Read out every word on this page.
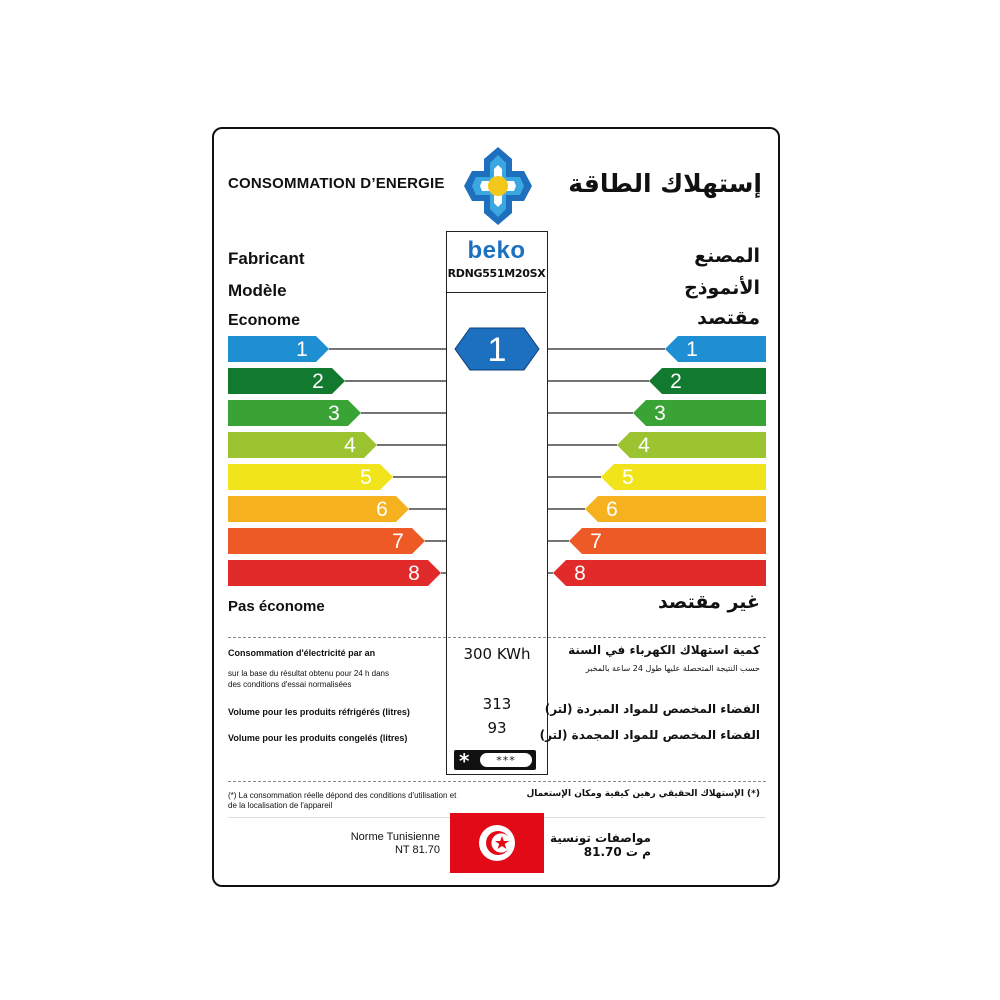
CONSOMMATION D’ENERGIE	إستهلاك الطاقة
Fabricant	المصنع
Modèle	الأنموذج
Econome	مقتصد
Pas économe	غير مقتصد
1	1
2	2
3	3
4	4
5	5
6	6
7	7
8	8
1
beko
RDNG551M20SX
Consommation d'électricité par an
sur la base du résultat obtenu pour 24 h dans
des conditions d'essai normalisées
كمية استهلاك الكهرباء في السنة
حسب النتيجة المتحصلة عليها طول 24 ساعة بالمخبر
300 KWh
Volume pour les produits réfrigérés (litres)	الفضاء المخصص للمواد المبردة (لتر)
313
Volume pour les produits congelés (litres)	الفضاء المخصص للمواد المجمدة (لتر)
93
*	***
(*) La consommation réelle dépond des conditions d'utilisation et
de la localisation de l'appareil
(*) الإستهلاك الحقيقي رهين كيفية ومكان الإستعمال
Norme Tunisienne
NT 81.70
مواصفات تونسية
م ت 81.70
